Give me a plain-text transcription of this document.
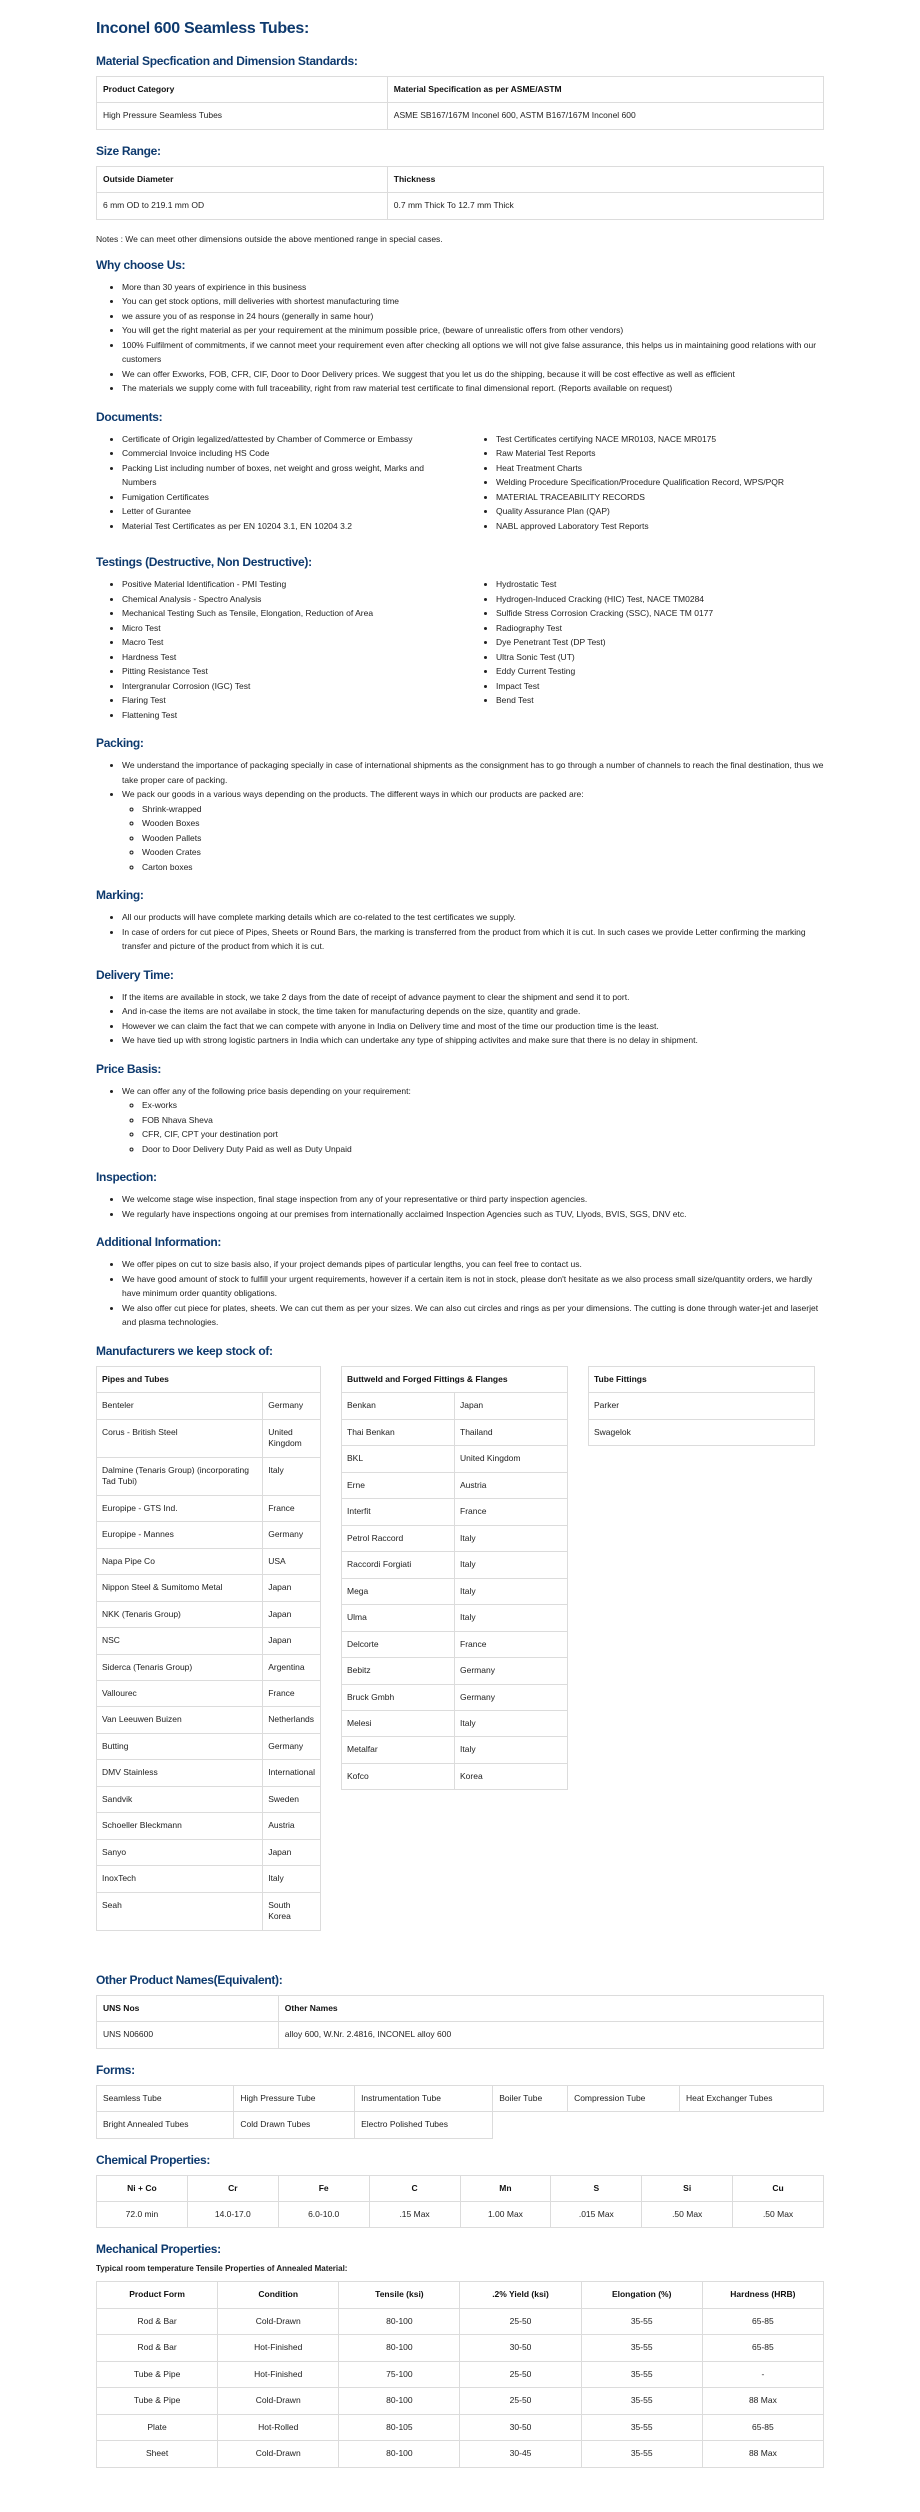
Inconel 600 Seamless Tubes:
Material Specfication and Dimension Standards:
Product Category	Material Specification as per ASME/ASTM
High Pressure Seamless Tubes	ASME SB167/167M Inconel 600, ASTM B167/167M Inconel 600
Size Range:
Outside Diameter	Thickness
6 mm OD to 219.1 mm OD	0.7 mm Thick To 12.7 mm Thick

Notes : We can meet other dimensions outside the above mentioned range in special cases.

Why choose Us:
• More than 30 years of expirience in this business
• You can get stock options, mill deliveries with shortest manufacturing time
• we assure you of as response in 24 hours (generally in same hour)
• You will get the right material as per your requirement at the minimum possible price, (beware of unrealistic offers from other vendors)
• 100% Fulfilment of commitments, if we cannot meet your requirement even after checking all options we will not give false assurance, this helps us in maintaining good relations with our customers
• We can offer Exworks, FOB, CFR, CIF, Door to Door Delivery prices. We suggest that you let us do the shipping, because it will be cost effective as well as efficient
• The materials we supply come with full traceability, right from raw material test certificate to final dimensional report. (Reports available on request)
Documents:
• Certificate of Origin legalized/attested by Chamber of Commerce or Embassy
• Commercial Invoice including HS Code
• Packing List including number of boxes, net weight and gross weight, Marks and Numbers
• Fumigation Certificates
• Letter of Gurantee
• Material Test Certificates as per EN 10204 3.1, EN 10204 3.2
• Test Certificates certifying NACE MR0103, NACE MR0175
• Raw Material Test Reports
• Heat Treatment Charts
• Welding Procedure Specification/Procedure Qualification Record, WPS/PQR
• MATERIAL TRACEABILITY RECORDS
• Quality Assurance Plan (QAP)
• NABL approved Laboratory Test Reports
Testings (Destructive, Non Destructive):
• Positive Material Identification - PMI Testing
• Chemical Analysis - Spectro Analysis
• Mechanical Testing Such as Tensile, Elongation, Reduction of Area
• Micro Test
• Macro Test
• Hardness Test
• Pitting Resistance Test
• Intergranular Corrosion (IGC) Test
• Flaring Test
• Flattening Test
• Hydrostatic Test
• Hydrogen-Induced Cracking (HIC) Test, NACE TM0284
• Sulfide Stress Corrosion Cracking (SSC), NACE TM 0177
• Radiography Test
• Dye Penetrant Test (DP Test)
• Ultra Sonic Test (UT)
• Eddy Current Testing
• Impact Test
• Bend Test
Packing:
• We understand the importance of packaging specially in case of international shipments as the consignment has to go through a number of channels to reach the final destination, thus we take proper care of packing.
• We pack our goods in a various ways depending on the products. The different ways in which our products are packed are:
◦ Shrink-wrapped
◦ Wooden Boxes
◦ Wooden Pallets
◦ Wooden Crates
◦ Carton boxes
Marking:
• All our products will have complete marking details which are co-related to the test certificates we supply.
• In case of orders for cut piece of Pipes, Sheets or Round Bars, the marking is transferred from the product from which it is cut. In such cases we provide Letter confirming the marking transfer and picture of the product from which it is cut.
Delivery Time:
• If the items are available in stock, we take 2 days from the date of receipt of advance payment to clear the shipment and send it to port.
• And in-case the items are not availabe in stock, the time taken for manufacturing depends on the size, quantity and grade.
• However we can claim the fact that we can compete with anyone in India on Delivery time and most of the time our production time is the least.
• We have tied up with strong logistic partners in India which can undertake any type of shipping activites and make sure that there is no delay in shipment.
Price Basis:
• We can offer any of the following price basis depending on your requirement:
◦ Ex-works
◦ FOB Nhava Sheva
◦ CFR, CIF, CPT your destination port
◦ Door to Door Delivery Duty Paid as well as Duty Unpaid
Inspection:
• We welcome stage wise inspection, final stage inspection from any of your representative or third party inspection agencies.
• We regularly have inspections ongoing at our premises from internationally acclaimed Inspection Agencies such as TUV, Llyods, BVIS, SGS, DNV etc.
Additional Information:
• We offer pipes on cut to size basis also, if your project demands pipes of particular lengths, you can feel free to contact us.
• We have good amount of stock to fulfill your urgent requirements, however if a certain item is not in stock, please don't hesitate as we also process small size/quantity orders, we hardly have minimum order quantity obligations.
• We also offer cut piece for plates, sheets. We can cut them as per your sizes. We can also cut circles and rings as per your dimensions. The cutting is done through water-jet and laserjet and plasma technologies.
Manufacturers we keep stock of:
Pipes and Tubes	
Benteler	Germany
Corus - British Steel	United Kingdom
Dalmine (Tenaris Group) (incorporating Tad Tubi)	Italy
Europipe - GTS Ind.	France
Europipe - Mannes	Germany
Napa Pipe Co	USA
Nippon Steel & Sumitomo Metal	Japan
NKK (Tenaris Group)	Japan
NSC	Japan
Siderca (Tenaris Group)	Argentina
Vallourec	France
Van Leeuwen Buizen	Netherlands
Butting	Germany
DMV Stainless	International
Sandvik	Sweden
Schoeller Bleckmann	Austria
Sanyo	Japan
InoxTech	Italy
Seah	South Korea
Buttweld and Forged Fittings & Flanges	
Benkan	Japan
Thai Benkan	Thailand
BKL	United Kingdom
Erne	Austria
Interfit	France
Petrol Raccord	Italy
Raccordi Forgiati	Italy
Mega	Italy
Ulma	Italy
Delcorte	France
Bebitz	Germany
Bruck Gmbh	Germany
Melesi	Italy
Metalfar	Italy
Kofco	Korea
Tube Fittings
Parker
Swagelok
Other Product Names(Equivalent):
UNS Nos	Other Names
UNS N06600	alloy 600, W.Nr. 2.4816, INCONEL alloy 600
Forms:
Seamless Tube	High Pressure Tube	Instrumentation Tube	Boiler Tube	Compression Tube	Heat Exchanger Tubes
Bright Annealed Tubes	Cold Drawn Tubes	Electro Polished Tubes			
Chemical Properties:
Ni + Co	Cr	Fe	C	Mn	S	Si	Cu
72.0 min	14.0-17.0	6.0-10.0	.15 Max	1.00 Max	.015 Max	.50 Max	.50 Max
Mechanical Properties:

Typical room temperature Tensile Properties of Annealed Material:

Product Form	Condition	Tensile (ksi)	.2% Yield (ksi)	Elongation (%)	Hardness (HRB)
Rod & Bar	Cold-Drawn	80-100	25-50	35-55	65-85
Rod & Bar	Hot-Finished	80-100	30-50	35-55	65-85
Tube & Pipe	Hot-Finished	75-100	25-50	35-55	-
Tube & Pipe	Cold-Drawn	80-100	25-50	35-55	88 Max
Plate	Hot-Rolled	80-105	30-50	35-55	65-85
Sheet	Cold-Drawn	80-100	30-45	35-55	88 Max
